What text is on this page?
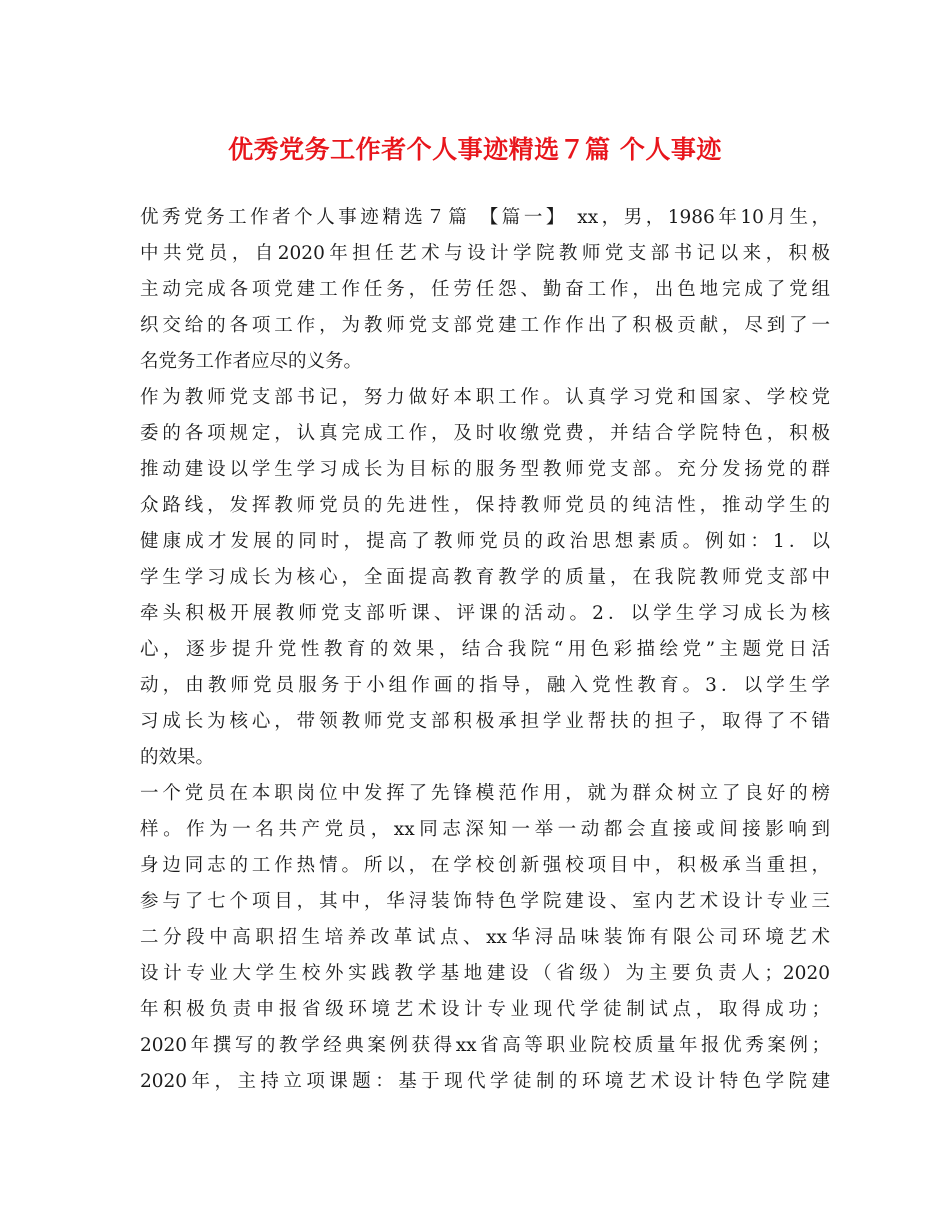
优秀党务工作者个人事迹精选７篇 个人事迹
优秀党务工作者个人事迹精选７篇 【篇一】 xx，男，1986年10月生，
中共党员，自2020年担任艺术与设计学院教师党支部书记以来，积极
主动完成各项党建工作任务，任劳任怨、勤奋工作，出色地完成了党组
织交给的各项工作，为教师党支部党建工作作出了积极贡献，尽到了一
名党务工作者应尽的义务。
作为教师党支部书记，努力做好本职工作。认真学习党和国家、学校党
委的各项规定，认真完成工作，及时收缴党费，并结合学院特色，积极
推动建设以学生学习成长为目标的服务型教师党支部。充分发扬党的群
众路线，发挥教师党员的先进性，保持教师党员的纯洁性，推动学生的
健康成才发展的同时，提高了教师党员的政治思想素质。例如：1．以
学生学习成长为核心，全面提高教育教学的质量，在我院教师党支部中
牵头积极开展教师党支部听课、评课的活动。2．以学生学习成长为核
心，逐步提升党性教育的效果，结合我院“用色彩描绘党”主题党日活
动，由教师党员服务于小组作画的指导，融入党性教育。3．以学生学
习成长为核心，带领教师党支部积极承担学业帮扶的担子，取得了不错
的效果。
一个党员在本职岗位中发挥了先锋模范作用，就为群众树立了良好的榜
样。作为一名共产党员，xx同志深知一举一动都会直接或间接影响到
身边同志的工作热情。所以，在学校创新强校项目中，积极承当重担，
参与了七个项目，其中，华浔装饰特色学院建设、室内艺术设计专业三
二分段中高职招生培养改革试点、xx华浔品味装饰有限公司环境艺术
设计专业大学生校外实践教学基地建设（省级）为主要负责人；2020
年积极负责申报省级环境艺术设计专业现代学徒制试点，取得成功；
2020年撰写的教学经典案例获得xx省高等职业院校质量年报优秀案例；
2020年，主持立项课题：基于现代学徒制的环境艺术设计特色学院建
